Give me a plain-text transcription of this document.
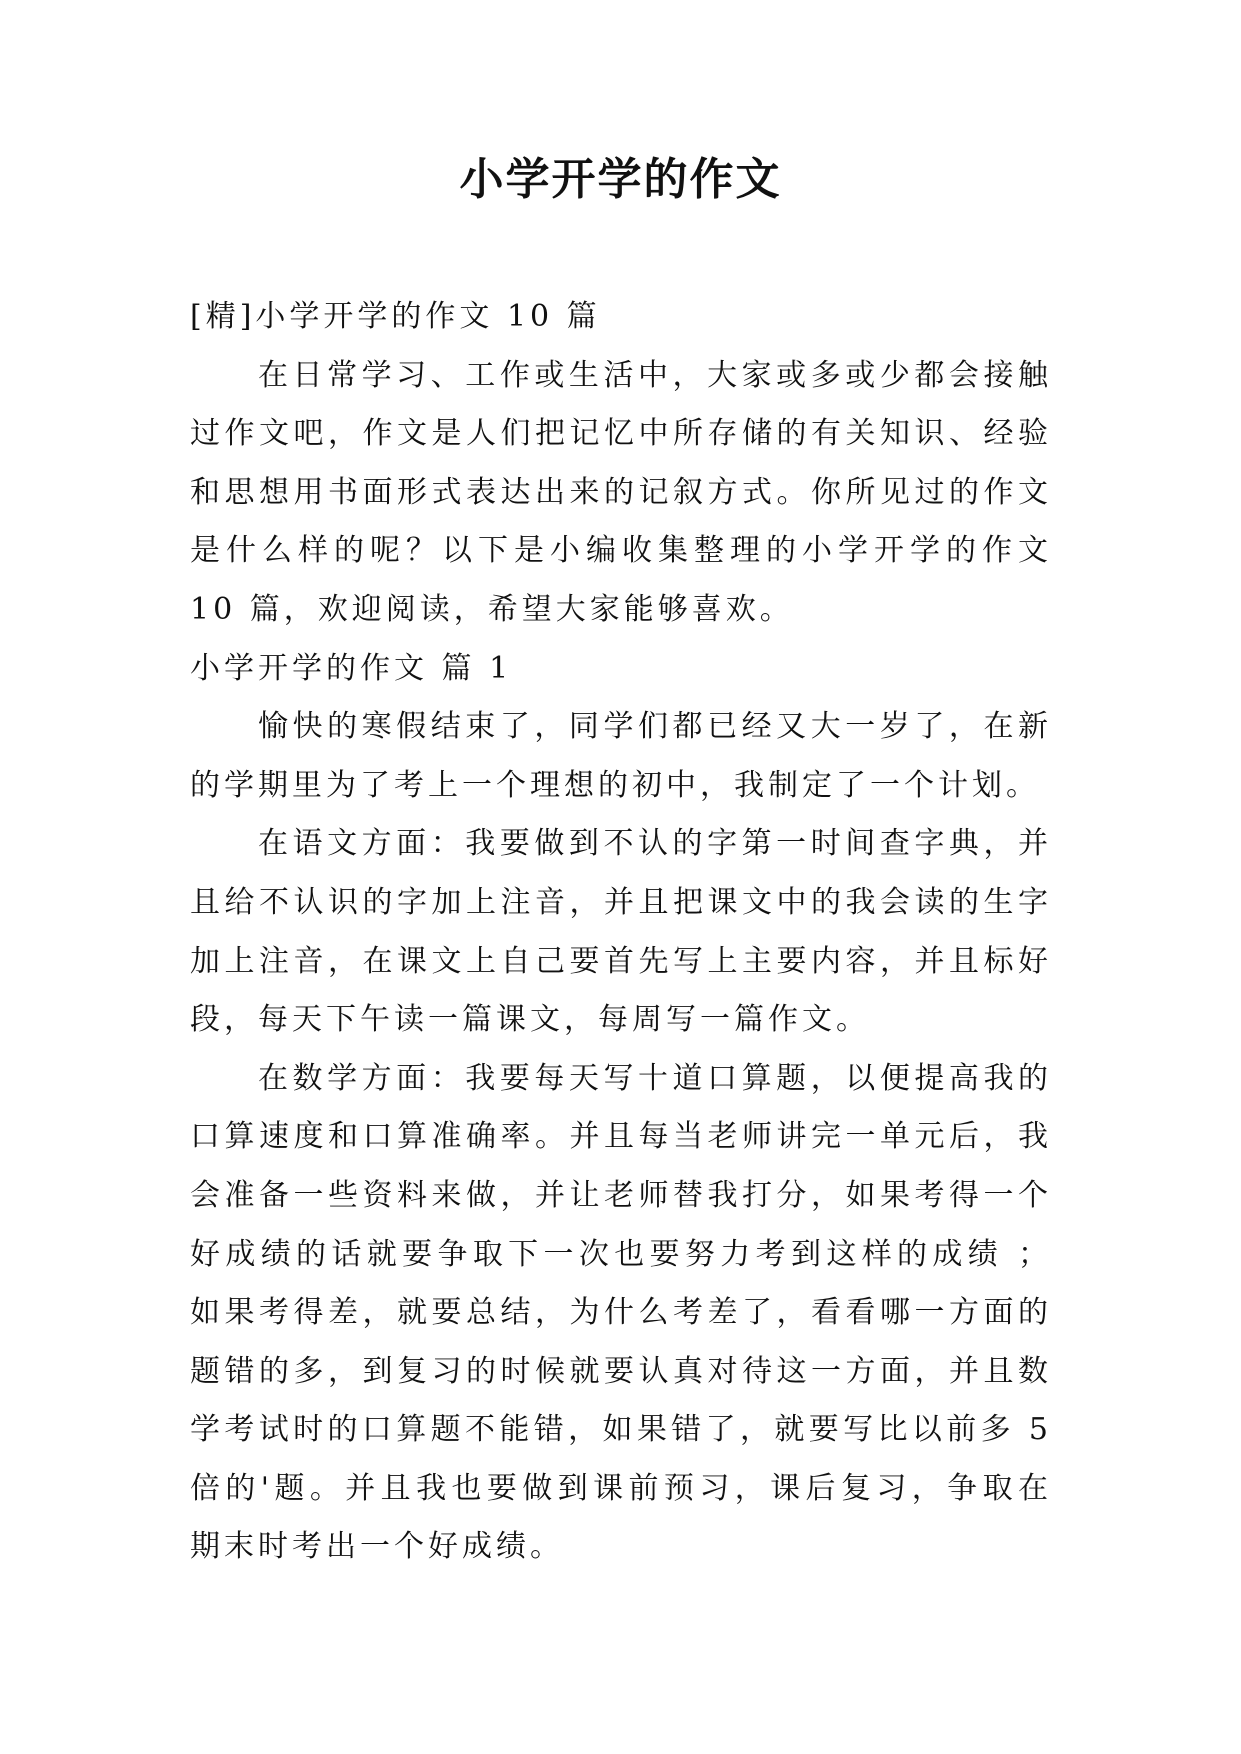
小学开学的作文

[精]小学开学的作文 10 篇

在日常学习、工作或生活中，大家或多或少都会接触过作文吧，作文是人们把记忆中所存储的有关知识、经验和思想用书面形式表达出来的记叙方式。你所见过的作文是什么样的呢？以下是小编收集整理的小学开学的作文 10 篇，欢迎阅读，希望大家能够喜欢。

小学开学的作文 篇 1

愉快的寒假结束了，同学们都已经又大一岁了，在新的学期里为了考上一个理想的初中，我制定了一个计划。

在语文方面：我要做到不认的字第一时间查字典，并且给不认识的字加上注音，并且把课文中的我会读的生字加上注音，在课文上自己要首先写上主要内容，并且标好段，每天下午读一篇课文，每周写一篇作文。

在数学方面：我要每天写十道口算题，以便提高我的口算速度和口算准确率。并且每当老师讲完一单元后，我会准备一些资料来做，并让老师替我打分，如果考得一个好成绩的话就要争取下一次也要努力考到这样的成绩 ；如果考得差，就要总结，为什么考差了，看看哪一方面的题错的多，到复习的时候就要认真对待这一方面，并且数学考试时的口算题不能错，如果错了，就要写比以前多 5 倍的'题。并且我也要做到课前预习，课后复习，争取在期末时考出一个好成绩。
